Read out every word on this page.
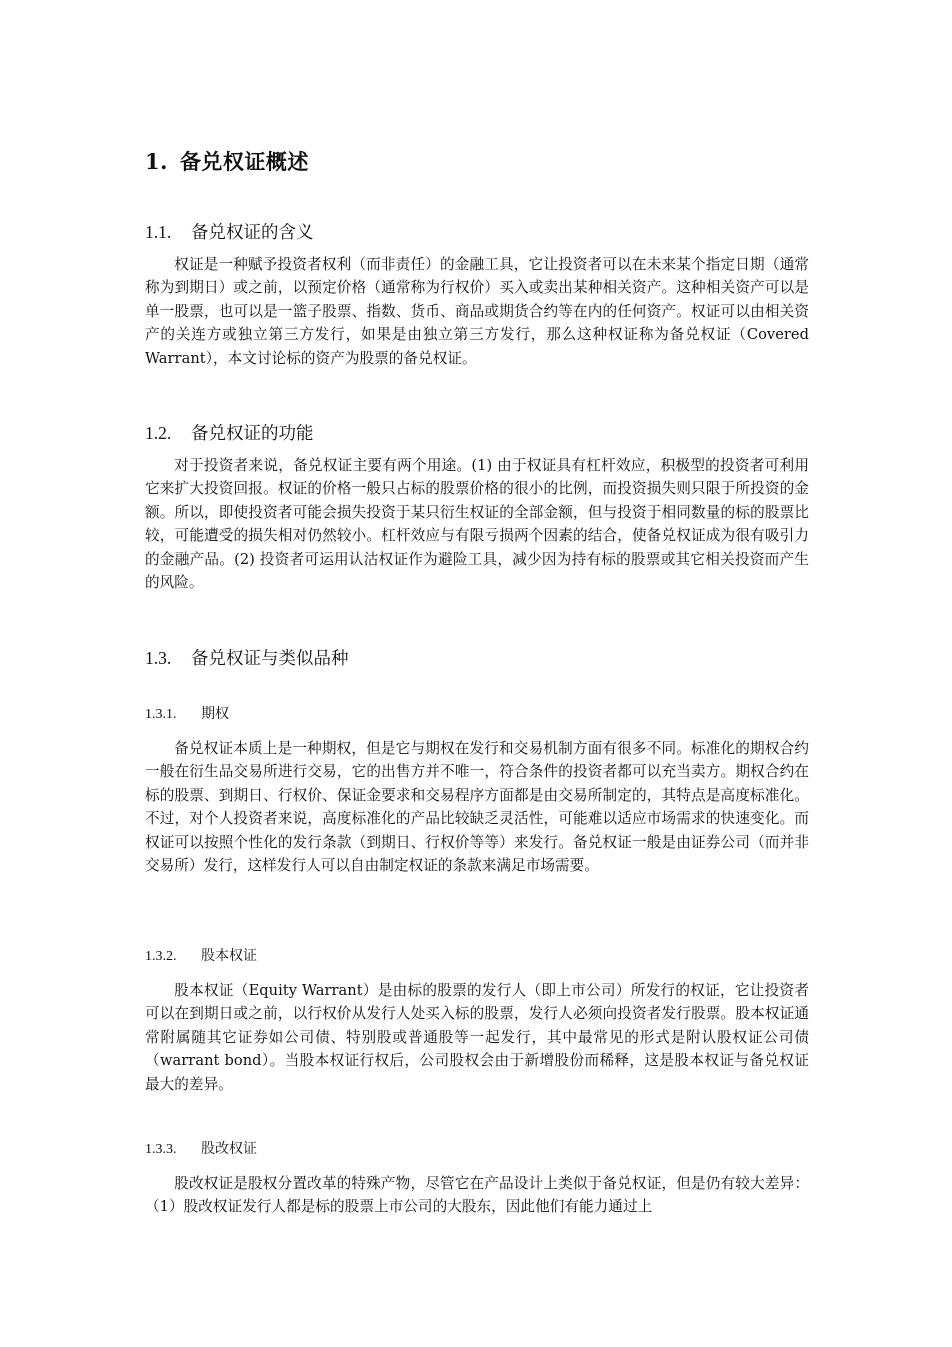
1. 备兑权证概述
1.1. 备兑权证的含义

权证是一种赋予投资者权利（而非责任）的金融工具，它让投资者可以在未来某个指定日期（通常称为到期日）或之前，以预定价格（通常称为行权价）买入或卖出某种相关资产。这种相关资产可以是单一股票，也可以是一篮子股票、指数、货币、商品或期货合约等在内的任何资产。权证可以由相关资产的关连方或独立第三方发行，如果是由独立第三方发行，那么这种权证称为备兑权证（Covered Warrant），本文讨论标的资产为股票的备兑权证。

1.2. 备兑权证的功能

对于投资者来说，备兑权证主要有两个用途。(1) 由于权证具有杠杆效应，积极型的投资者可利用它来扩大投资回报。权证的价格一般只占标的股票价格的很小的比例，而投资损失则只限于所投资的金额。所以，即使投资者可能会损失投资于某只衍生权证的全部金额，但与投资于相同数量的标的股票比较，可能遭受的损失相对仍然较小。杠杆效应与有限亏损两个因素的结合，使备兑权证成为很有吸引力的金融产品。(2) 投资者可运用认沽权证作为避险工具，减少因为持有标的股票或其它相关投资而产生的风险。

1.3. 备兑权证与类似品种
1.3.1. 期权

备兑权证本质上是一种期权，但是它与期权在发行和交易机制方面有很多不同。标准化的期权合约一般在衍生品交易所进行交易，它的出售方并不唯一，符合条件的投资者都可以充当卖方。期权合约在标的股票、到期日、行权价、保证金要求和交易程序方面都是由交易所制定的，其特点是高度标准化。不过，对个人投资者来说，高度标准化的产品比较缺乏灵活性，可能难以适应市场需求的快速变化。而权证可以按照个性化的发行条款（到期日、行权价等等）来发行。备兑权证一般是由证券公司（而并非交易所）发行，这样发行人可以自由制定权证的条款来满足市场需要。

1.3.2. 股本权证

股本权证（Equity Warrant）是由标的股票的发行人（即上市公司）所发行的权证，它让投资者可以在到期日或之前，以行权价从发行人处买入标的股票，发行人必须向投资者发行股票。股本权证通常附属随其它证券如公司债、特别股或普通股等一起发行，其中最常见的形式是附认股权证公司债（warrant bond）。当股本权证行权后，公司股权会由于新增股份而稀释，这是股本权证与备兑权证最大的差异。

1.3.3. 股改权证

股改权证是股权分置改革的特殊产物，尽管它在产品设计上类似于备兑权证，但是仍有较大差异：（1）股改权证发行人都是标的股票上市公司的大股东，因此他们有能力通过上
